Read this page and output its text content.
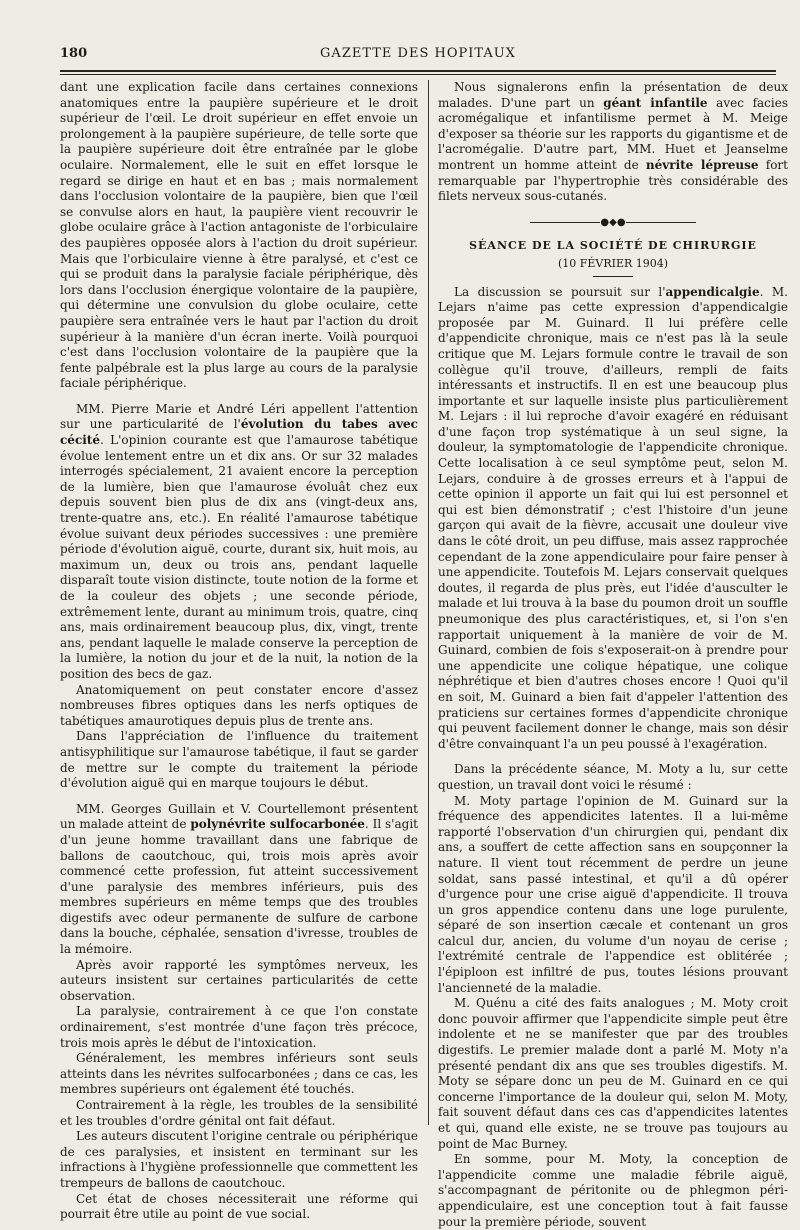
180	GAZETTE DES HOPITAUX

dant une explication facile dans certaines connexions anatomiques entre la paupière supérieure et le droit supérieur de l'œil. Le droit supérieur en effet envoie un prolongement à la paupière supérieure, de telle sorte que la paupière supérieure doit être entraînée par le globe oculaire. Normalement, elle le suit en effet lorsque le regard se dirige en haut et en bas ; mais normalement dans l'occlusion volontaire de la paupière, bien que l'œil se convulse alors en haut, la paupière vient recouvrir le globe oculaire grâce à l'action antagoniste de l'orbiculaire des paupières opposée alors à l'action du droit supérieur. Mais que l'orbiculaire vienne à être paralysé, et c'est ce qui se produit dans la paralysie faciale périphérique, dès lors dans l'occlusion énergique volontaire de la paupière, qui détermine une convulsion du globe oculaire, cette paupière sera entraînée vers le haut par l'action du droit supérieur à la manière d'un écran inerte. Voilà pourquoi c'est dans l'occlusion volontaire de la paupière que la fente palpébrale est la plus large au cours de la paralysie faciale périphérique.

MM. Pierre Marie et André Léri appellent l'attention sur une particularité de l'évolution du tabes avec cécité. L'opinion courante est que l'amaurose tabétique évolue lentement entre un et dix ans. Or sur 32 malades interrogés spécialement, 21 avaient encore la perception de la lumière, bien que l'amaurose évoluât chez eux depuis souvent bien plus de dix ans (vingt-deux ans, trente-quatre ans, etc.). En réalité l'amaurose tabétique évolue suivant deux périodes successives : une première période d'évolution aiguë, courte, durant six, huit mois, au maximum un, deux ou trois ans, pendant laquelle disparaît toute vision distincte, toute notion de la forme et de la couleur des objets ; une seconde période, extrêmement lente, durant au minimum trois, quatre, cinq ans, mais ordinairement beaucoup plus, dix, vingt, trente ans, pendant laquelle le malade conserve la perception de la lumière, la notion du jour et de la nuit, la notion de la position des becs de gaz.

Anatomiquement on peut constater encore d'assez nombreuses fibres optiques dans les nerfs optiques de tabétiques amaurotiques depuis plus de trente ans.

Dans l'appréciation de l'influence du traitement antisyphilitique sur l'amaurose tabétique, il faut se garder de mettre sur le compte du traitement la période d'évolution aiguë qui en marque toujours le début.

MM. Georges Guillain et V. Courtellemont présentent un malade atteint de polynévrite sulfocarbonée. Il s'agit d'un jeune homme travaillant dans une fabrique de ballons de caoutchouc, qui, trois mois après avoir commencé cette profession, fut atteint successivement d'une paralysie des membres inférieurs, puis des membres supérieurs en même temps que des troubles digestifs avec odeur permanente de sulfure de carbone dans la bouche, céphalée, sensation d'ivresse, troubles de la mémoire.

Après avoir rapporté les symptômes nerveux, les auteurs insistent sur certaines particularités de cette observation.

La paralysie, contrairement à ce que l'on constate ordinairement, s'est montrée d'une façon très précoce, trois mois après le début de l'intoxication.

Généralement, les membres inférieurs sont seuls atteints dans les névrites sulfocarbonées ; dans ce cas, les membres supérieurs ont également été touchés.

Contrairement à la règle, les troubles de la sensibilité et les troubles d'ordre génital ont fait défaut.

Les auteurs discutent l'origine centrale ou périphérique de ces paralysies, et insistent en terminant sur les infractions à l'hygiène professionnelle que commettent les trempeurs de ballons de caoutchouc.

Cet état de choses nécessiterait une réforme qui pourrait être utile au point de vue social.

Nous signalerons enfin la présentation de deux malades. D'une part un géant infantile avec facies acromégalique et infantilisme permet à M. Meige d'exposer sa théorie sur les rapports du gigantisme et de l'acromégalie. D'autre part, MM. Huet et Jeanselme montrent un homme atteint de névrite lépreuse fort remarquable par l'hypertrophie très considérable des filets nerveux sous-cutanés.

●◆●
SÉANCE DE LA SOCIÉTÉ DE CHIRURGIE
(10 FÉVRIER 1904)

La discussion se poursuit sur l'appendicalgie. M. Lejars n'aime pas cette expression d'appendicalgie proposée par M. Guinard. Il lui préfère celle d'appendicite chronique, mais ce n'est pas là la seule critique que M. Lejars formule contre le travail de son collègue qu'il trouve, d'ailleurs, rempli de faits intéressants et instructifs. Il en est une beaucoup plus importante et sur laquelle insiste plus particulièrement M. Lejars : il lui reproche d'avoir exagéré en réduisant d'une façon trop systématique à un seul signe, la douleur, la symptomatologie de l'appendicite chronique. Cette localisation à ce seul symptôme peut, selon M. Lejars, conduire à de grosses erreurs et à l'appui de cette opinion il apporte un fait qui lui est personnel et qui est bien démonstratif ; c'est l'histoire d'un jeune garçon qui avait de la fièvre, accusait une douleur vive dans le côté droit, un peu diffuse, mais assez rapprochée cependant de la zone appendiculaire pour faire penser à une appendicite. Toutefois M. Lejars conservait quelques doutes, il regarda de plus près, eut l'idée d'ausculter le malade et lui trouva à la base du poumon droit un souffle pneumonique des plus caractéristiques, et, si l'on s'en rapportait uniquement à la manière de voir de M. Guinard, combien de fois s'exposerait-on à prendre pour une appendicite une colique hépatique, une colique néphrétique et bien d'autres choses encore ! Quoi qu'il en soit, M. Guinard a bien fait d'appeler l'attention des praticiens sur certaines formes d'appendicite chronique qui peuvent facilement donner le change, mais son désir d'être convainquant l'a un peu poussé à l'exagération.

Dans la précédente séance, M. Moty a lu, sur cette question, un travail dont voici le résumé :

M. Moty partage l'opinion de M. Guinard sur la fréquence des appendicites latentes. Il a lui-même rapporté l'observation d'un chirurgien qui, pendant dix ans, a souffert de cette affection sans en soupçonner la nature. Il vient tout récemment de perdre un jeune soldat, sans passé intestinal, et qu'il a dû opérer d'urgence pour une crise aiguë d'appendicite. Il trouva un gros appendice contenu dans une loge purulente, séparé de son insertion cæcale et contenant un gros calcul dur, ancien, du volume d'un noyau de cerise ; l'extrémité centrale de l'appendice est oblitérée ; l'épiploon est infiltré de pus, toutes lésions prouvant l'ancienneté de la maladie.

M. Quénu a cité des faits analogues ; M. Moty croit donc pouvoir affirmer que l'appendicite simple peut être indolente et ne se manifester que par des troubles digestifs. Le premier malade dont a parlé M. Moty n'a présenté pendant dix ans que ses troubles digestifs. M. Moty se sépare donc un peu de M. Guinard en ce qui concerne l'importance de la douleur qui, selon M. Moty, fait souvent défaut dans ces cas d'appendicites latentes et qui, quand elle existe, ne se trouve pas toujours au point de Mac Burney.

En somme, pour M. Moty, la conception de l'appendicite comme une maladie fébrile aiguë, s'accompagnant de péritonite ou de phlegmon péri-appendiculaire, est une conception tout à fait fausse pour la première période, souvent
